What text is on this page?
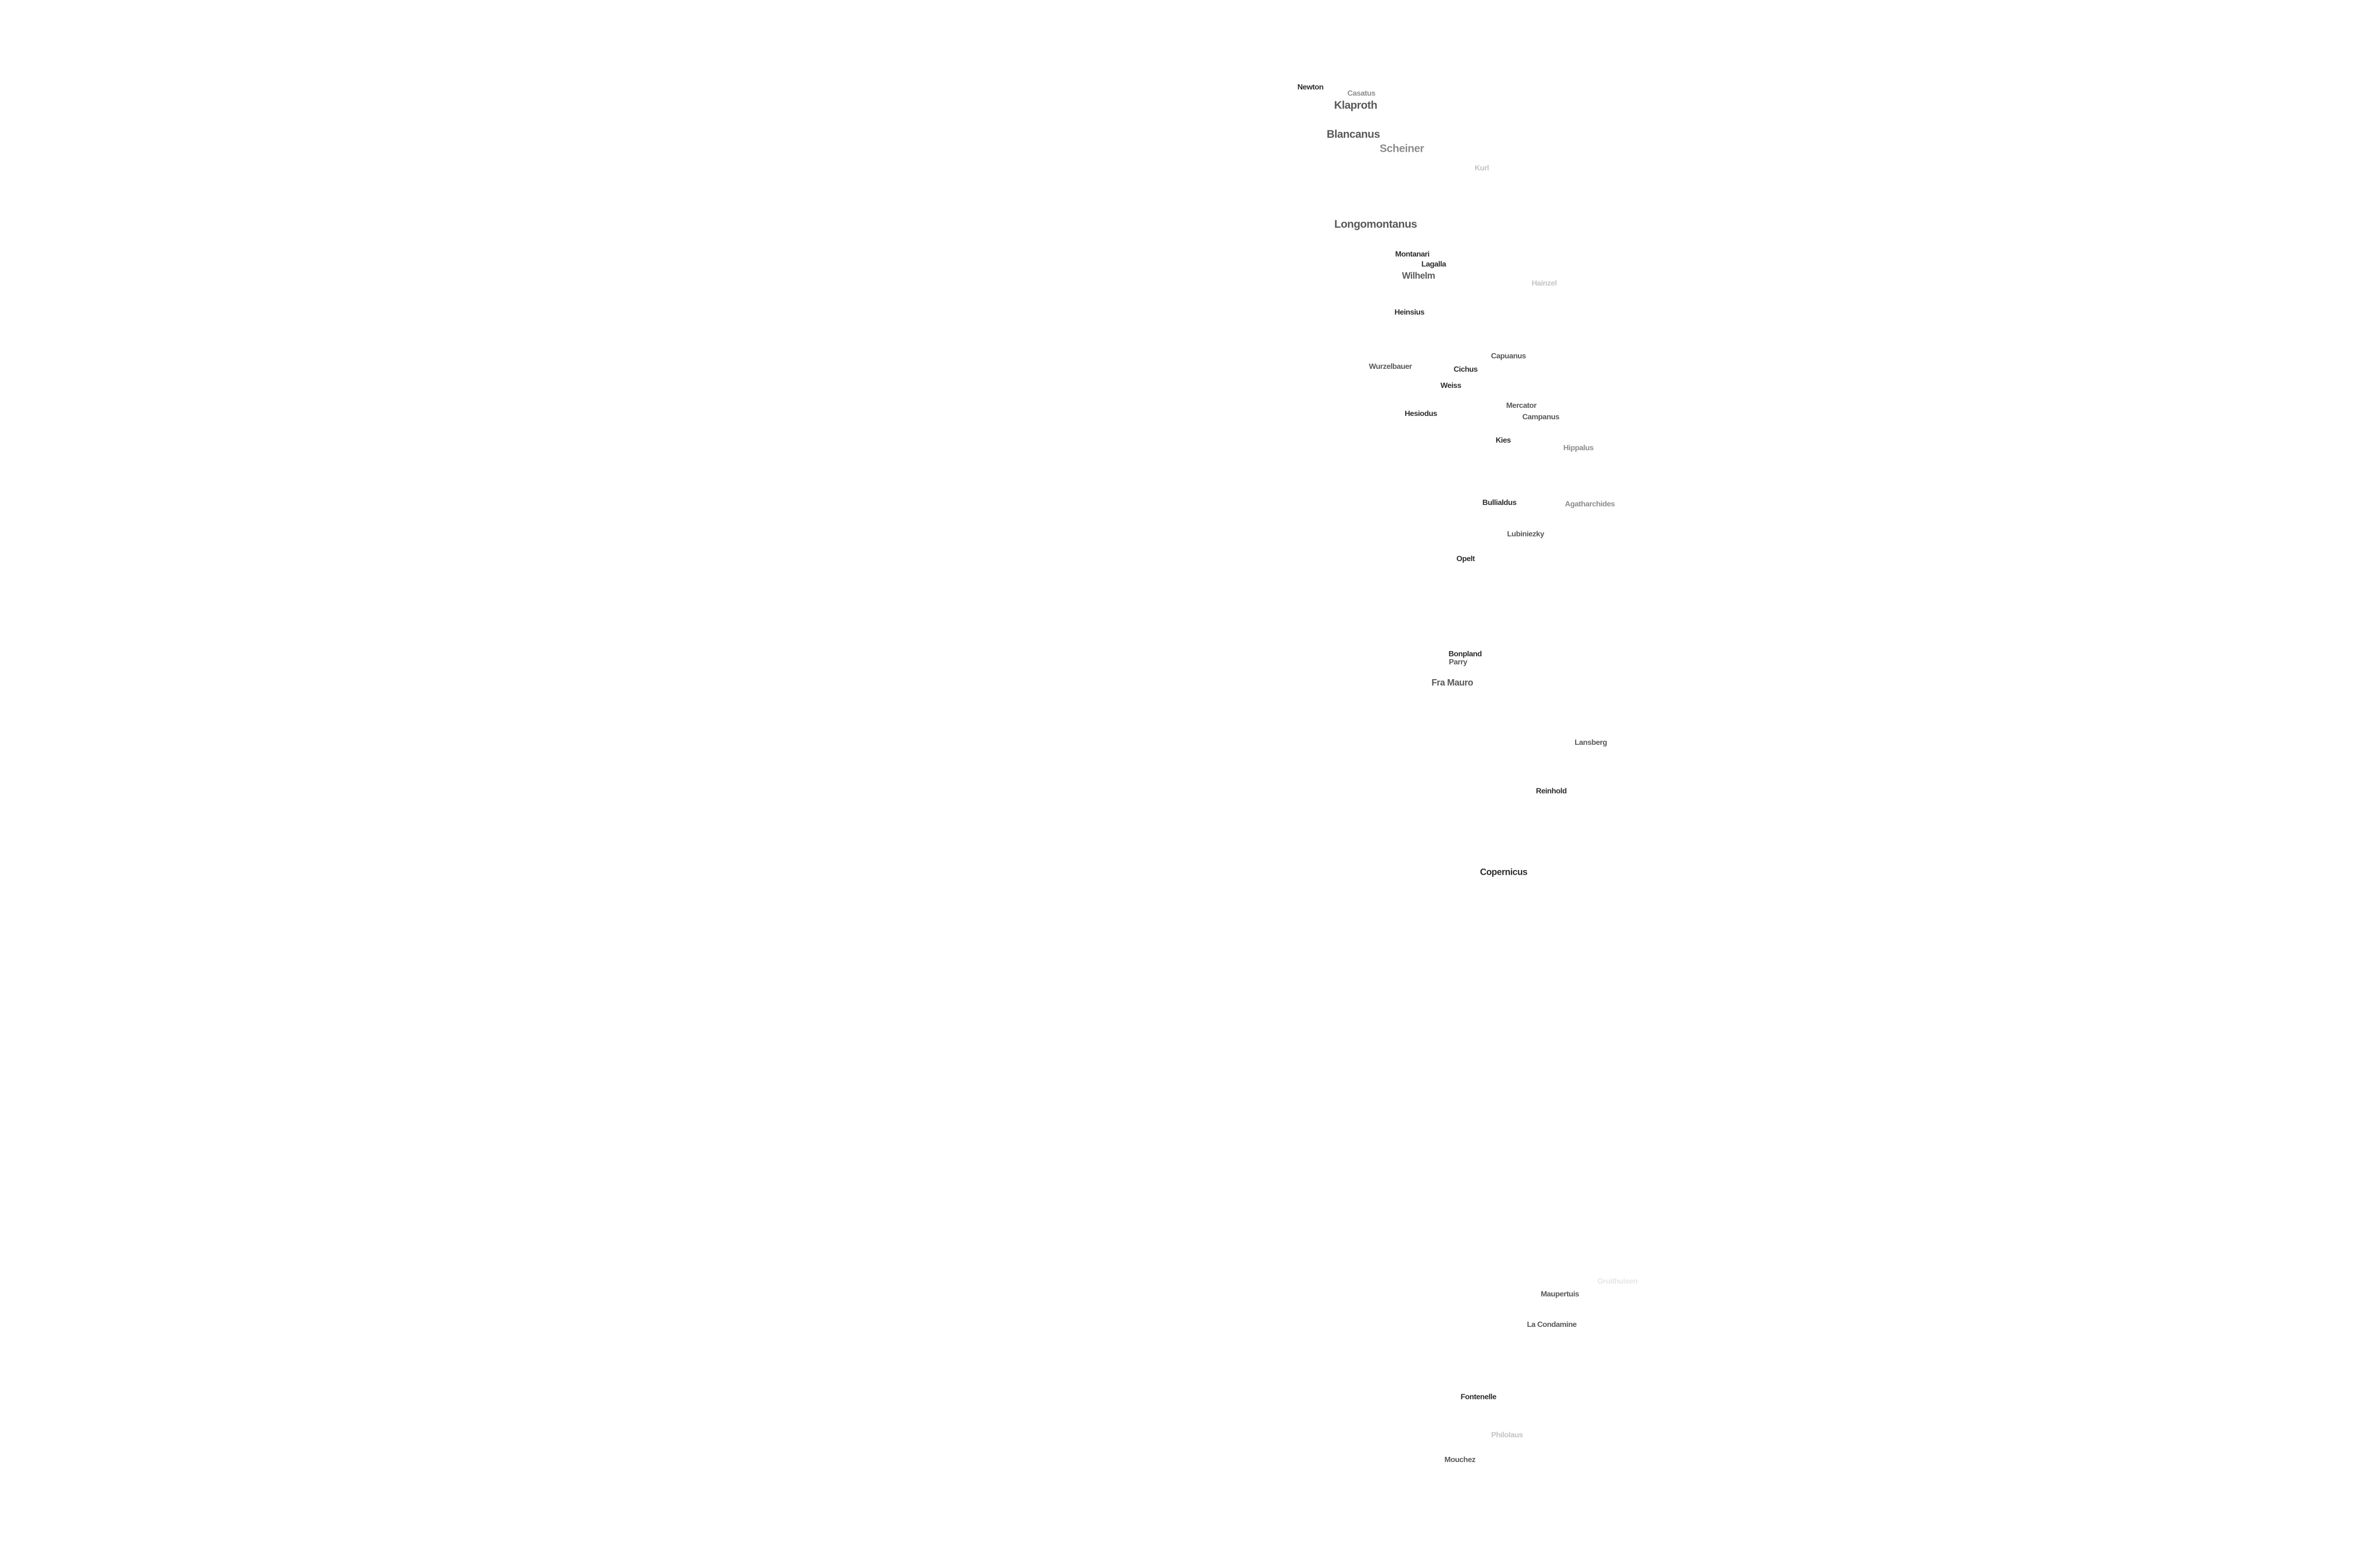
Newton
Casatus
Klaproth
Blancanus
Scheiner
Kurl
Longomontanus
Montanari
Lagalla
Wilhelm
Hainzel
Heinsius
Capuanus
Wurzelbauer	Cichus
Weiss
Mercator
Campanus
Hesiodus
Kies
Hippalus
Bullialdus	Agatharchides
Lubiniezky
Opelt
Bonpland
Parry
Fra Mauro
Lansberg
Reinhold
Copernicus
Gruithuisen
Maupertuis
La Condamine
Fontenelle
Philolaus
Mouchez
